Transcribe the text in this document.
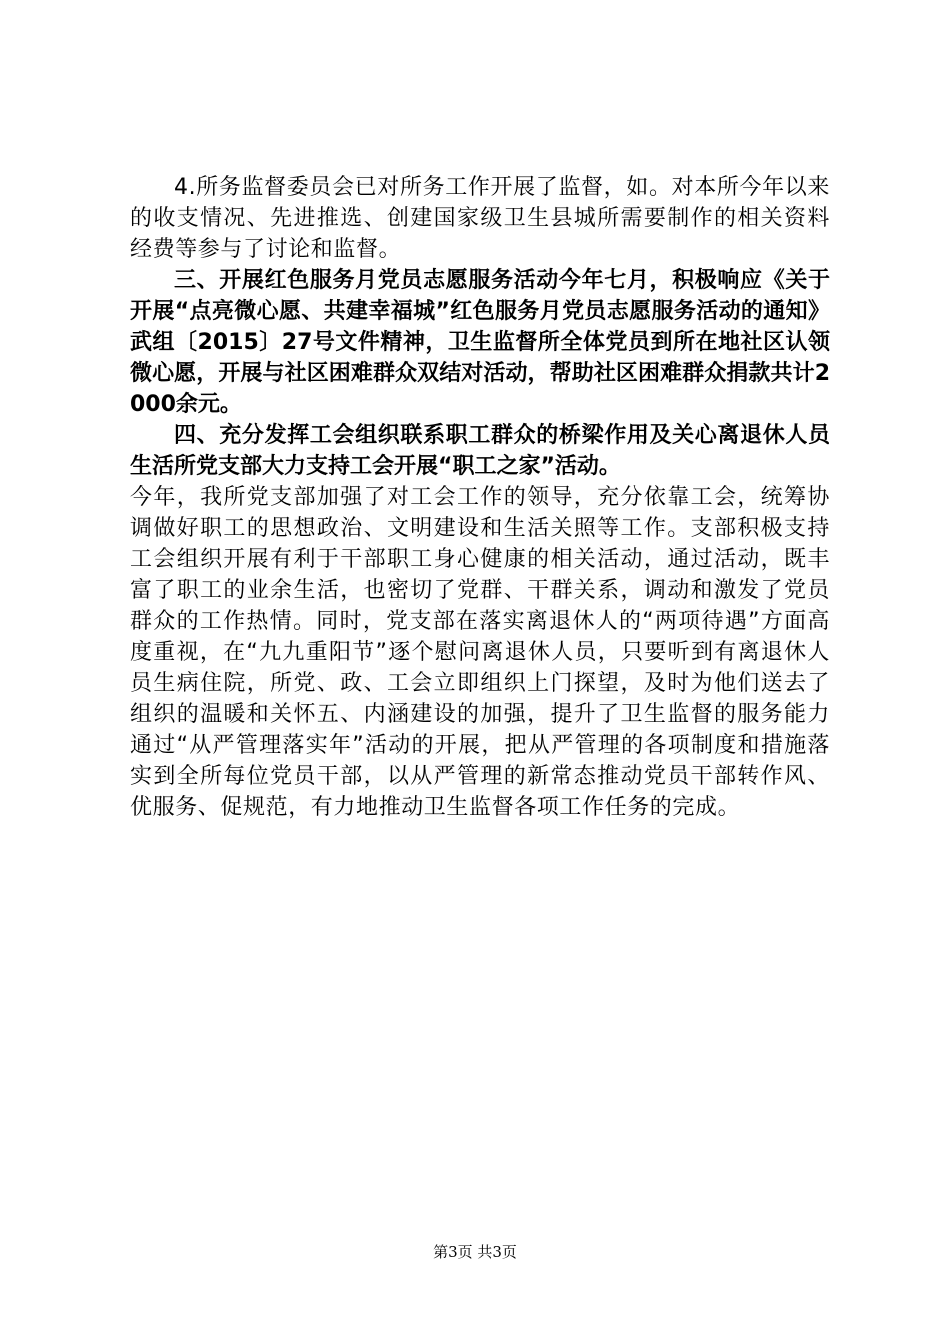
4.所务监督委员会已对所务工作开展了监督，如。对本所今年以来的收支情况、先进推选、创建国家级卫生县城所需要制作的相关资料经费等参与了讨论和监督。

三、开展红色服务月党员志愿服务活动今年七月，积极响应《关于开展“点亮微心愿、共建幸福城”红色服务月党员志愿服务活动的通知》武组〔2015〕27号文件精神，卫生监督所全体党员到所在地社区认领微心愿，开展与社区困难群众双结对活动，帮助社区困难群众捐款共计2000余元。

四、充分发挥工会组织联系职工群众的桥梁作用及关心离退休人员生活所党支部大力支持工会开展“职工之家”活动。

今年，我所党支部加强了对工会工作的领导，充分依靠工会，统筹协调做好职工的思想政治、文明建设和生活关照等工作。支部积极支持工会组织开展有利于干部职工身心健康的相关活动，通过活动，既丰富了职工的业余生活，也密切了党群、干群关系，调动和激发了党员群众的工作热情。同时，党支部在落实离退休人的“两项待遇”方面高度重视，在“九九重阳节”逐个慰问离退休人员，只要听到有离退休人员生病住院，所党、政、工会立即组织上门探望，及时为他们送去了组织的温暖和关怀五、内涵建设的加强，提升了卫生监督的服务能力通过“从严管理落实年”活动的开展，把从严管理的各项制度和措施落实到全所每位党员干部，以从严管理的新常态推动党员干部转作风、优服务、促规范，有力地推动卫生监督各项工作任务的完成。

第3页 共3页
